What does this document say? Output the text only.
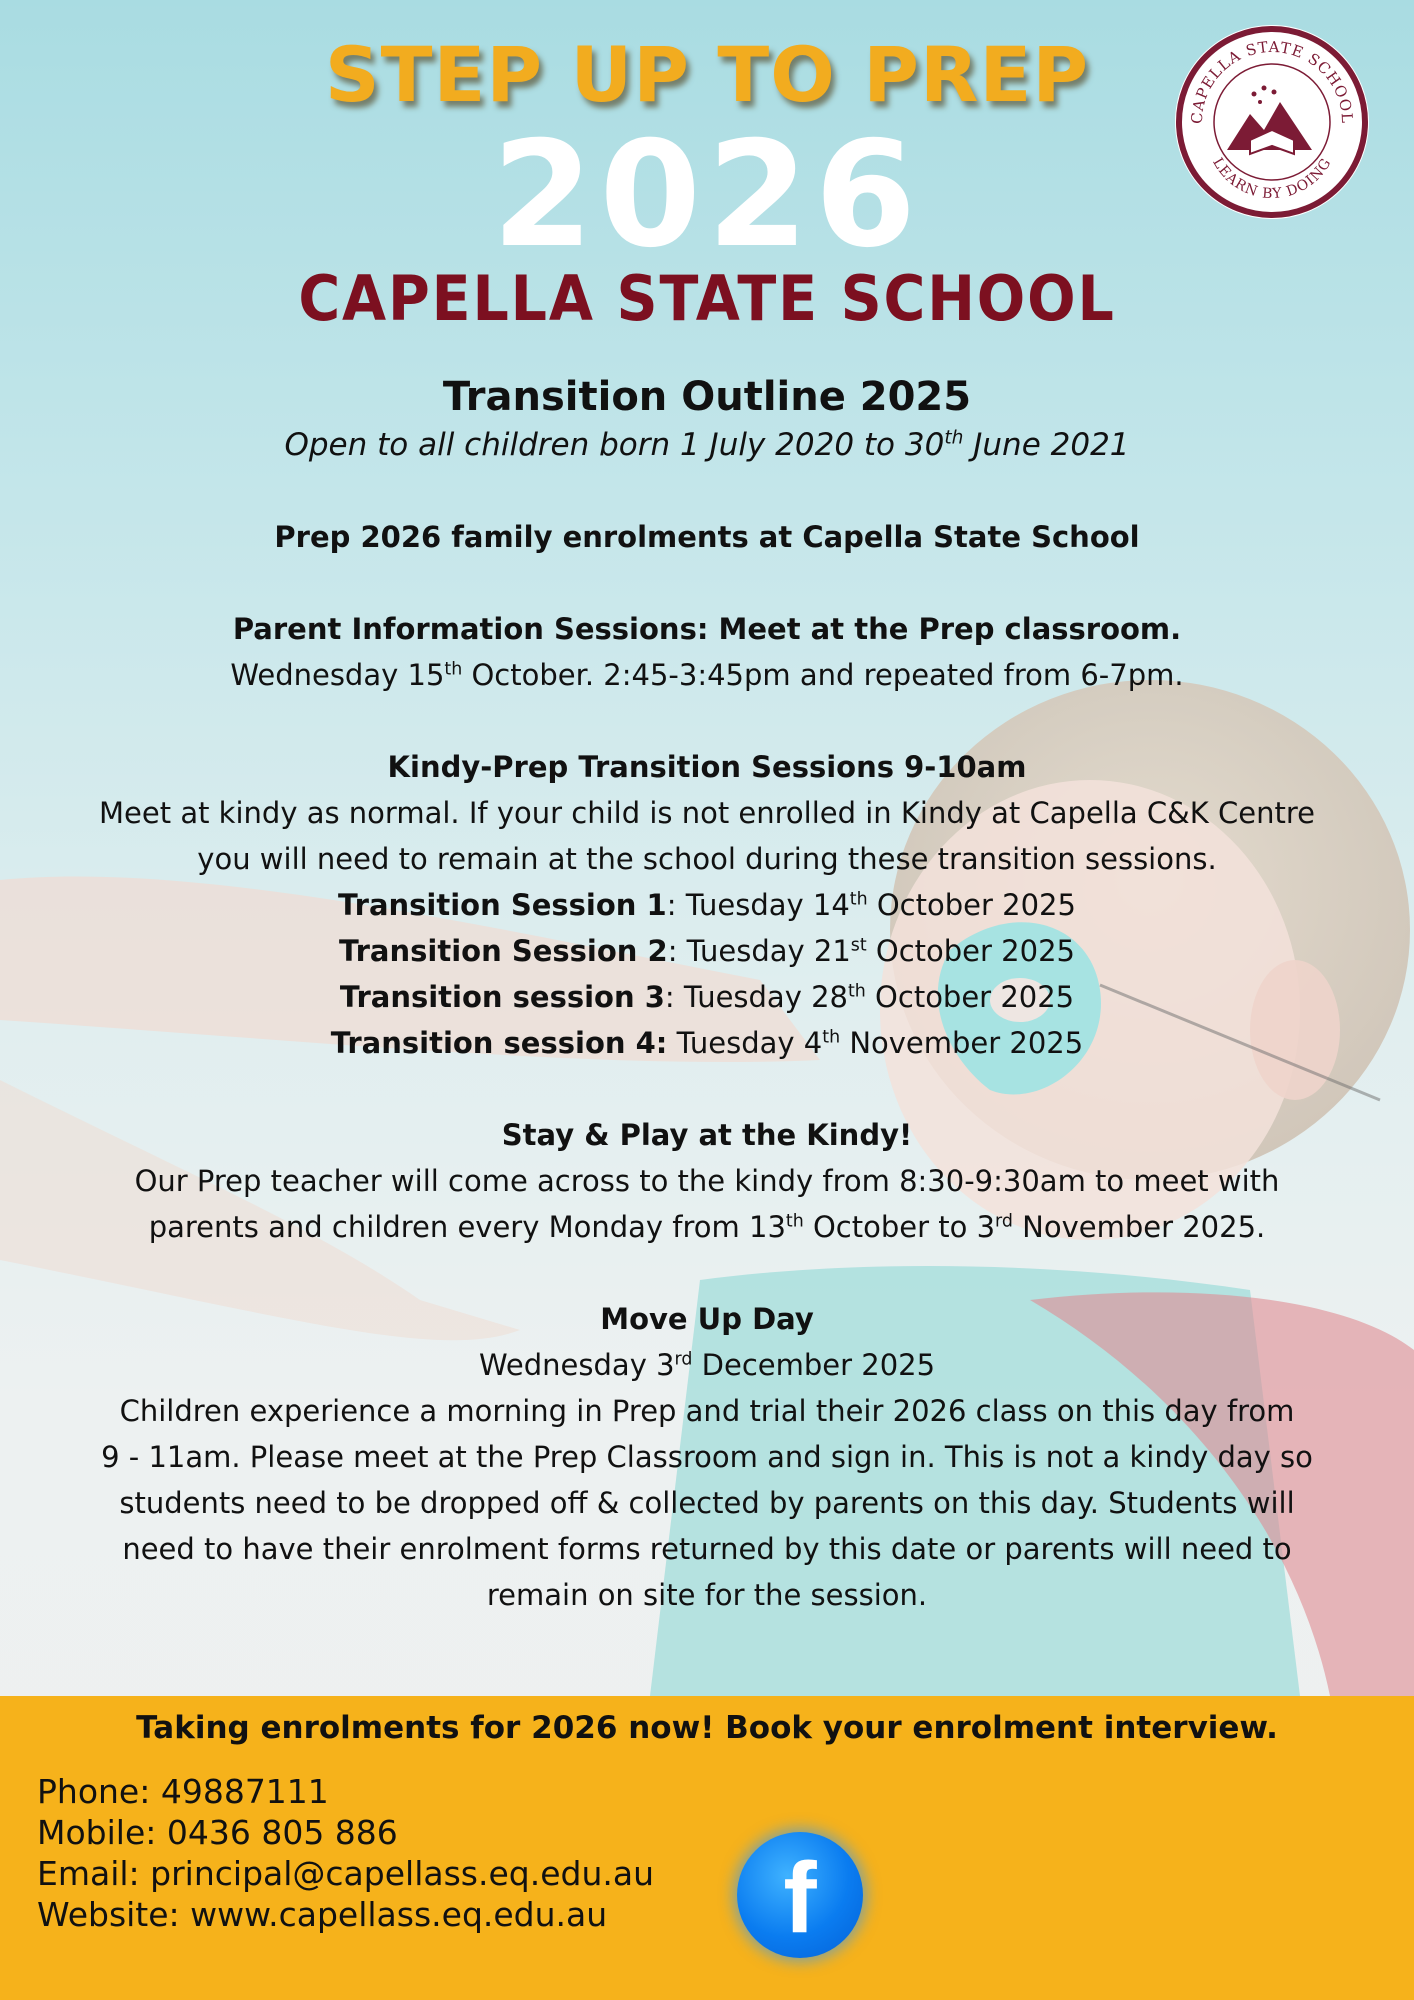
CAPELLA STATE SCHOOL
LEARN BY DOING
STEP UP TO PREP
2026
CAPELLA STATE SCHOOL

Transition Outline 2025

Open to all children born 1 July 2020 to 30th June 2021

Prep 2026 family enrolments at Capella State School

Parent Information Sessions: Meet at the Prep classroom.

Wednesday 15th October. 2:45-3:45pm and repeated from 6-7pm.

Kindy-Prep Transition Sessions 9-10am

Meet at kindy as normal. If your child is not enrolled in Kindy at Capella C&K Centre

you will need to remain at the school during these transition sessions.

Transition Session 1: Tuesday 14th October 2025

Transition Session 2: Tuesday 21st October 2025

Transition session 3: Tuesday 28th October 2025

Transition session 4: Tuesday 4th November 2025

Stay & Play at the Kindy!

Our Prep teacher will come across to the kindy from 8:30-9:30am to meet with

parents and children every Monday from 13th October to 3rd November 2025.

Move Up Day

Wednesday 3rd December 2025

Children experience a morning in Prep and trial their 2026 class on this day from

9 - 11am. Please meet at the Prep Classroom and sign in. This is not a kindy day so

students need to be dropped off & collected by parents on this day. Students will

need to have their enrolment forms returned by this date or parents will need to

remain on site for the session.

Taking enrolments for 2026 now! Book your enrolment interview.
Phone: 49887111
Mobile: 0436 805 886
Email: principal@capellass.eq.edu.au
Website: www.capellass.eq.edu.au	f
